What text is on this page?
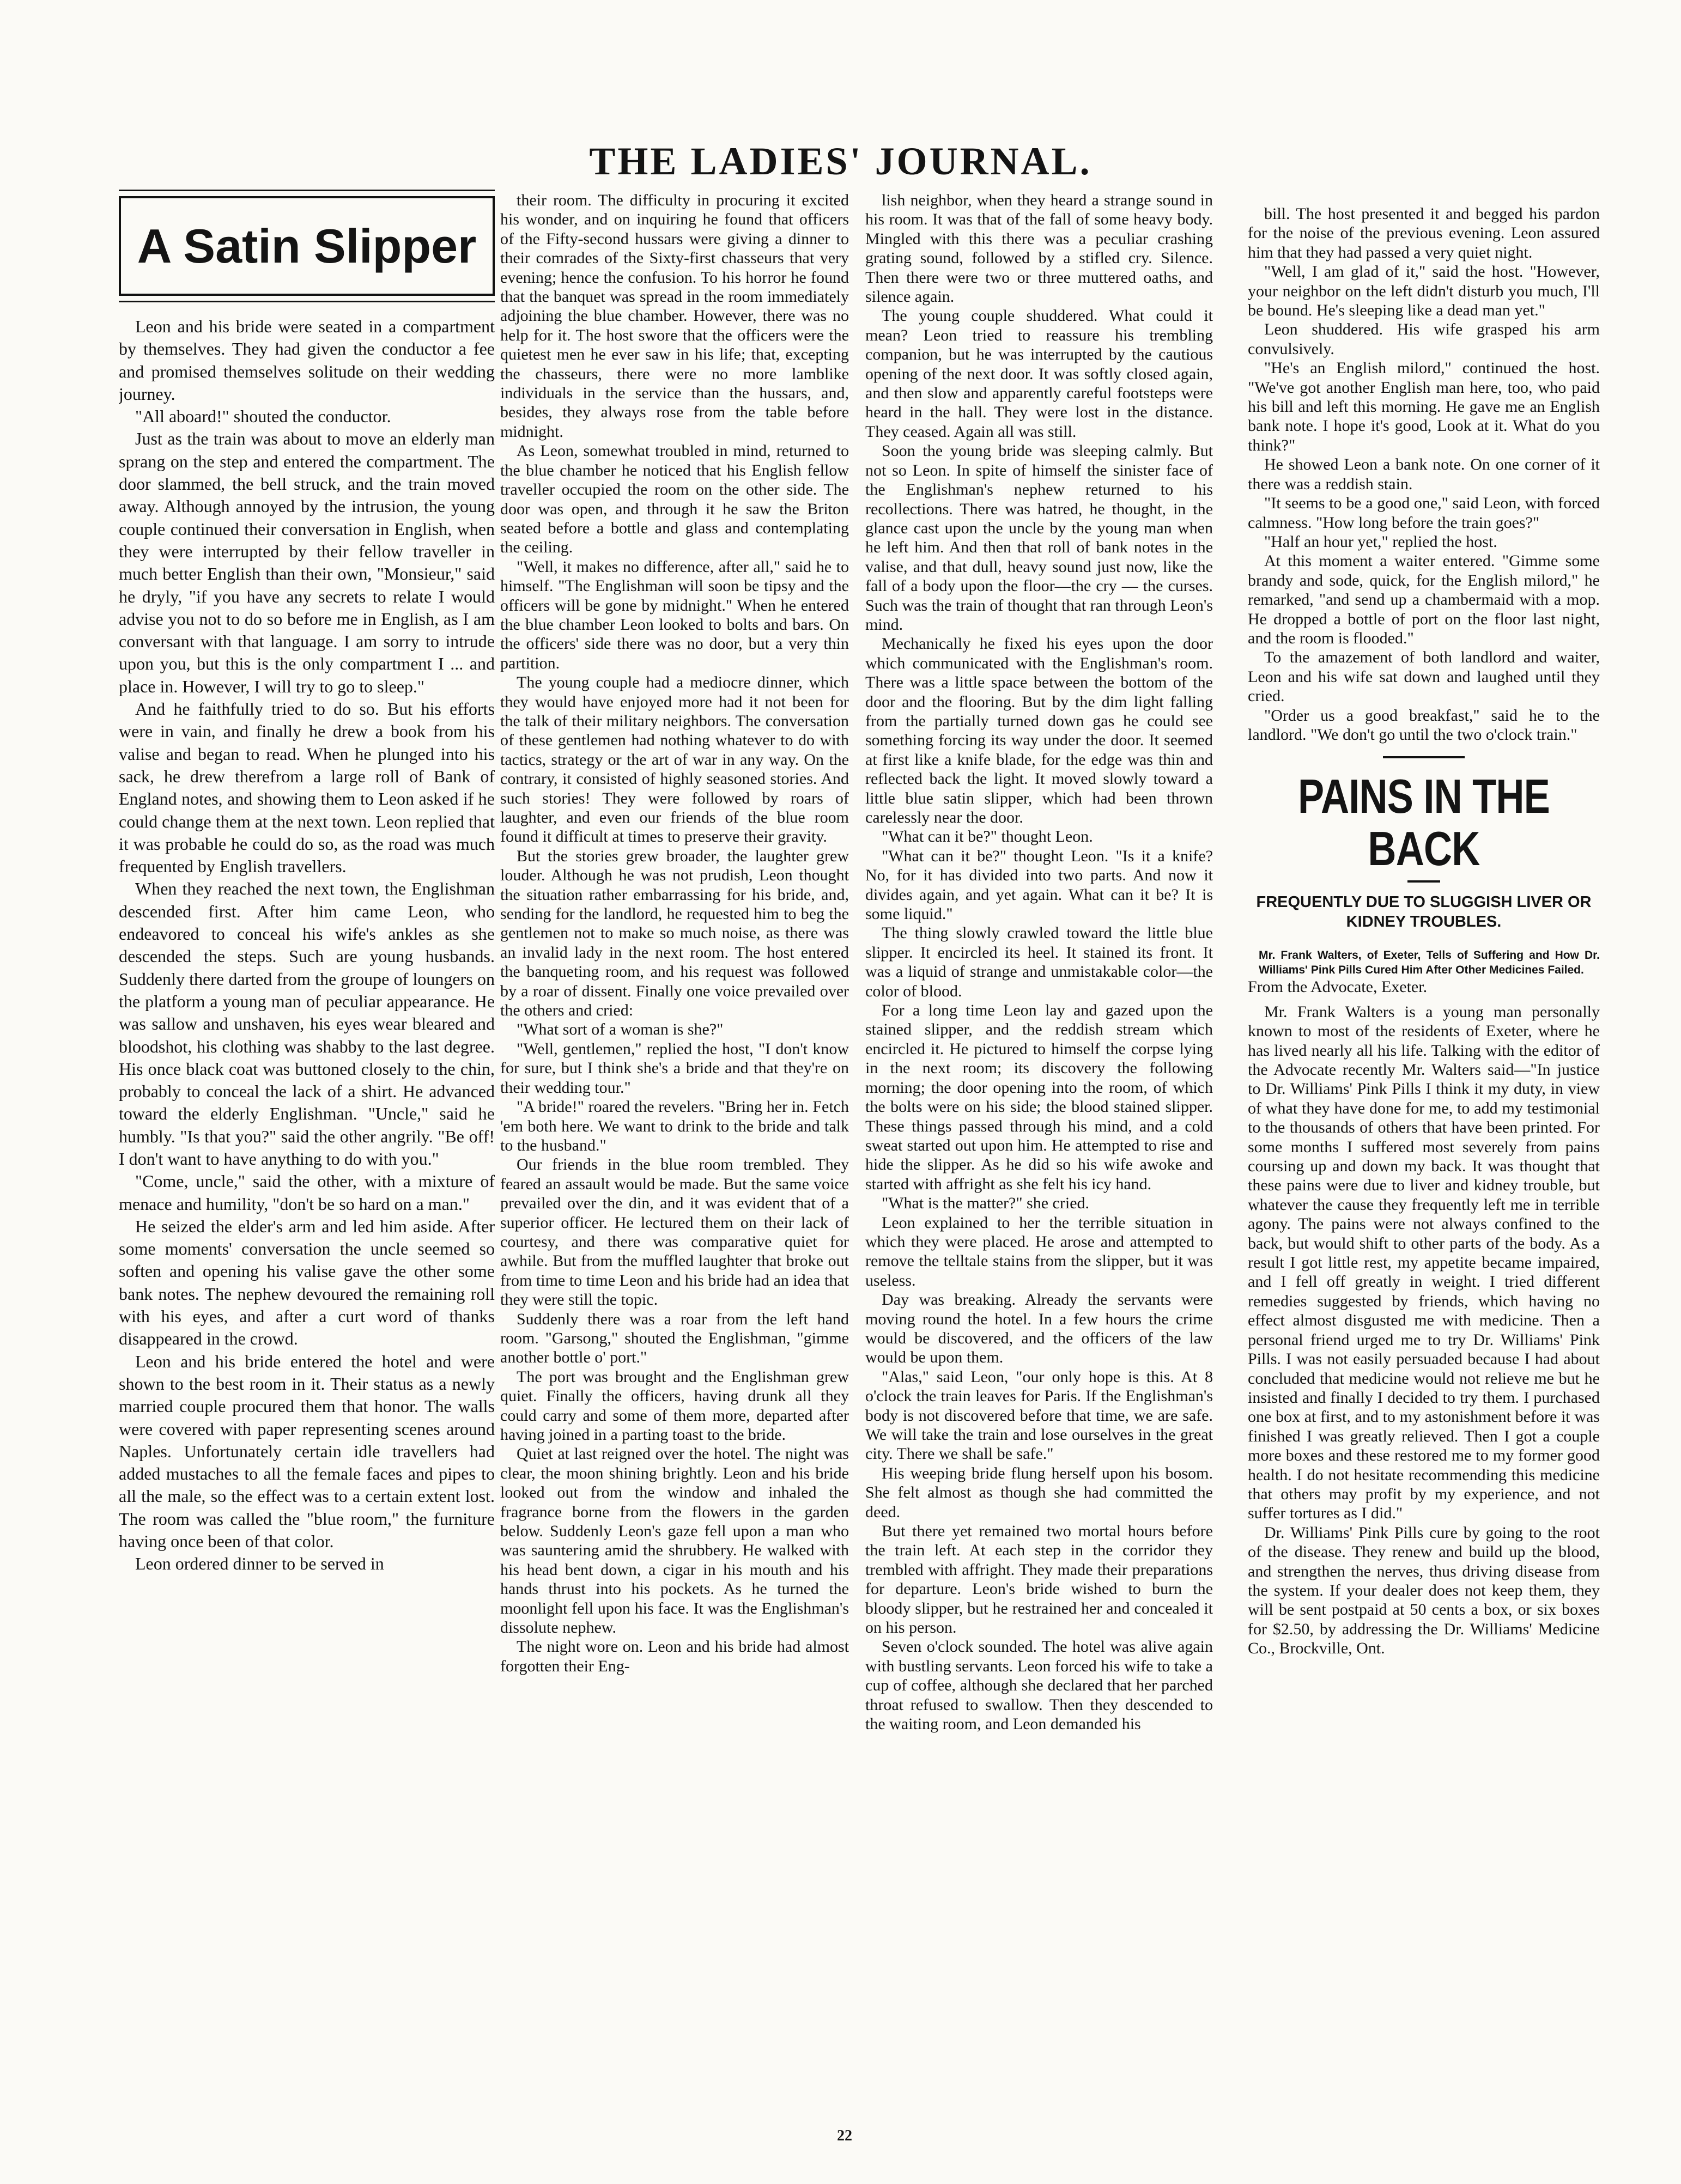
THE LADIES' JOURNAL.
A Satin Slipper

Leon and his bride were seated in a compartment by themselves. They had given the conductor a fee and promised themselves solitude on their wedding journey.

"All aboard!" shouted the conductor.

Just as the train was about to move an elderly man sprang on the step and entered the compartment. The door slammed, the bell struck, and the train moved away. Although annoyed by the intrusion, the young couple continued their conversation in English, when they were interrupted by their fellow traveller in much better English than their own, "Monsieur," said he dryly, "if you have any secrets to relate I would advise you not to do so before me in English, as I am conversant with that language. I am sorry to intrude upon you, but this is the only compartment I ... and place in. However, I will try to go to sleep."

And he faithfully tried to do so. But his efforts were in vain, and finally he drew a book from his valise and began to read. When he plunged into his sack, he drew therefrom a large roll of Bank of England notes, and showing them to Leon asked if he could change them at the next town. Leon replied that it was probable he could do so, as the road was much frequented by English travellers.

When they reached the next town, the Englishman descended first. After him came Leon, who endeavored to conceal his wife's ankles as she descended the steps. Such are young husbands. Suddenly there darted from the groupe of loungers on the platform a young man of peculiar appearance. He was sallow and unshaven, his eyes wear bleared and bloodshot, his clothing was shabby to the last degree. His once black coat was buttoned closely to the chin, probably to conceal the lack of a shirt. He advanced toward the elderly Englishman. "Uncle," said he humbly. "Is that you?" said the other angrily. "Be off! I don't want to have anything to do with you."

"Come, uncle," said the other, with a mixture of menace and humility, "don't be so hard on a man."

He seized the elder's arm and led him aside. After some moments' conversation the uncle seemed so soften and opening his valise gave the other some bank notes. The nephew devoured the remaining roll with his eyes, and after a curt word of thanks disappeared in the crowd.

Leon and his bride entered the hotel and were shown to the best room in it. Their status as a newly married couple procured them that honor. The walls were covered with paper representing scenes around Naples. Unfortunately certain idle travellers had added mustaches to all the female faces and pipes to all the male, so the effect was to a certain extent lost. The room was called the "blue room," the furniture having once been of that color.

Leon ordered dinner to be served in

their room. The difficulty in procuring it excited his wonder, and on inquiring he found that officers of the Fifty-second hussars were giving a dinner to their comrades of the Sixty-first chasseurs that very evening; hence the confusion. To his horror he found that the banquet was spread in the room immediately adjoining the blue chamber. However, there was no help for it. The host swore that the officers were the quietest men he ever saw in his life; that, excepting the chasseurs, there were no more lamblike individuals in the service than the hussars, and, besides, they always rose from the table before midnight.

As Leon, somewhat troubled in mind, returned to the blue chamber he noticed that his English fellow traveller occupied the room on the other side. The door was open, and through it he saw the Briton seated before a bottle and glass and contemplating the ceiling.

"Well, it makes no difference, after all," said he to himself. "The Englishman will soon be tipsy and the officers will be gone by midnight." When he entered the blue chamber Leon looked to bolts and bars. On the officers' side there was no door, but a very thin partition.

The young couple had a mediocre dinner, which they would have enjoyed more had it not been for the talk of their military neighbors. The conversation of these gentlemen had nothing whatever to do with tactics, strategy or the art of war in any way. On the contrary, it consisted of highly seasoned stories. And such stories! They were followed by roars of laughter, and even our friends of the blue room found it difficult at times to preserve their gravity.

But the stories grew broader, the laughter grew louder. Although he was not prudish, Leon thought the situation rather embarrassing for his bride, and, sending for the landlord, he requested him to beg the gentlemen not to make so much noise, as there was an invalid lady in the next room. The host entered the banqueting room, and his request was followed by a roar of dissent. Finally one voice prevailed over the others and cried:

"What sort of a woman is she?"

"Well, gentlemen," replied the host, "I don't know for sure, but I think she's a bride and that they're on their wedding tour."

"A bride!" roared the revelers. "Bring her in. Fetch 'em both here. We want to drink to the bride and talk to the husband."

Our friends in the blue room trembled. They feared an assault would be made. But the same voice prevailed over the din, and it was evident that of a superior officer. He lectured them on their lack of courtesy, and there was comparative quiet for awhile. But from the muffled laughter that broke out from time to time Leon and his bride had an idea that they were still the topic.

Suddenly there was a roar from the left hand room. "Garsong," shouted the Englishman, "gimme another bottle o' port."

The port was brought and the Englishman grew quiet. Finally the officers, having drunk all they could carry and some of them more, departed after having joined in a parting toast to the bride.

Quiet at last reigned over the hotel. The night was clear, the moon shining brightly. Leon and his bride looked out from the window and inhaled the fragrance borne from the flowers in the garden below. Suddenly Leon's gaze fell upon a man who was sauntering amid the shrubbery. He walked with his head bent down, a cigar in his mouth and his hands thrust into his pockets. As he turned the moonlight fell upon his face. It was the Englishman's dissolute nephew.

The night wore on. Leon and his bride had almost forgotten their Eng-

lish neighbor, when they heard a strange sound in his room. It was that of the fall of some heavy body. Mingled with this there was a peculiar crashing grating sound, followed by a stifled cry. Silence. Then there were two or three muttered oaths, and silence again.

The young couple shuddered. What could it mean? Leon tried to reassure his trembling companion, but he was interrupted by the cautious opening of the next door. It was softly closed again, and then slow and apparently careful footsteps were heard in the hall. They were lost in the distance. They ceased. Again all was still.

Soon the young bride was sleeping calmly. But not so Leon. In spite of himself the sinister face of the Englishman's nephew returned to his recollections. There was hatred, he thought, in the glance cast upon the uncle by the young man when he left him. And then that roll of bank notes in the valise, and that dull, heavy sound just now, like the fall of a body upon the floor—the cry — the curses. Such was the train of thought that ran through Leon's mind.

Mechanically he fixed his eyes upon the door which communicated with the Englishman's room. There was a little space between the bottom of the door and the flooring. But by the dim light falling from the partially turned down gas he could see something forcing its way under the door. It seemed at first like a knife blade, for the edge was thin and reflected back the light. It moved slowly toward a little blue satin slipper, which had been thrown carelessly near the door.

"What can it be?" thought Leon.

"What can it be?" thought Leon. "Is it a knife? No, for it has divided into two parts. And now it divides again, and yet again. What can it be? It is some liquid."

The thing slowly crawled toward the little blue slipper. It encircled its heel. It stained its front. It was a liquid of strange and unmistakable color—the color of blood.

For a long time Leon lay and gazed upon the stained slipper, and the reddish stream which encircled it. He pictured to himself the corpse lying in the next room; its discovery the following morning; the door opening into the room, of which the bolts were on his side; the blood stained slipper. These things passed through his mind, and a cold sweat started out upon him. He attempted to rise and hide the slipper. As he did so his wife awoke and started with affright as she felt his icy hand.

"What is the matter?" she cried.

Leon explained to her the terrible situation in which they were placed. He arose and attempted to remove the telltale stains from the slipper, but it was useless.

Day was breaking. Already the servants were moving round the hotel. In a few hours the crime would be discovered, and the officers of the law would be upon them.

"Alas," said Leon, "our only hope is this. At 8 o'clock the train leaves for Paris. If the Englishman's body is not discovered before that time, we are safe. We will take the train and lose ourselves in the great city. There we shall be safe."

His weeping bride flung herself upon his bosom. She felt almost as though she had committed the deed.

But there yet remained two mortal hours before the train left. At each step in the corridor they trembled with affright. They made their preparations for departure. Leon's bride wished to burn the bloody slipper, but he restrained her and concealed it on his person.

Seven o'clock sounded. The hotel was alive again with bustling servants. Leon forced his wife to take a cup of coffee, although she declared that her parched throat refused to swallow. Then they descended to the waiting room, and Leon demanded his

bill. The host presented it and begged his pardon for the noise of the previous evening. Leon assured him that they had passed a very quiet night.

"Well, I am glad of it," said the host. "However, your neighbor on the left didn't disturb you much, I'll be bound. He's sleeping like a dead man yet."

Leon shuddered. His wife grasped his arm convulsively.

"He's an English milord," continued the host. "We've got another English man here, too, who paid his bill and left this morning. He gave me an English bank note. I hope it's good, Look at it. What do you think?"

He showed Leon a bank note. On one corner of it there was a reddish stain.

"It seems to be a good one," said Leon, with forced calmness. "How long before the train goes?"

"Half an hour yet," replied the host.

At this moment a waiter entered. "Gimme some brandy and sode, quick, for the English milord," he remarked, "and send up a chambermaid with a mop. He dropped a bottle of port on the floor last night, and the room is flooded."

To the amazement of both landlord and waiter, Leon and his wife sat down and laughed until they cried.

"Order us a good breakfast," said he to the landlord. "We don't go until the two o'clock train."

PAINS IN THE BACK
FREQUENTLY DUE TO SLUGGISH LIVER OR KIDNEY TROUBLES.

Mr. Frank Walters, of Exeter, Tells of Suffering and How Dr. Williams' Pink Pills Cured Him After Other Medicines Failed.

From the Advocate, Exeter.

Mr. Frank Walters is a young man personally known to most of the residents of Exeter, where he has lived nearly all his life. Talking with the editor of the Advocate recently Mr. Walters said—"In justice to Dr. Williams' Pink Pills I think it my duty, in view of what they have done for me, to add my testimonial to the thousands of others that have been printed. For some months I suffered most severely from pains coursing up and down my back. It was thought that these pains were due to liver and kidney trouble, but whatever the cause they frequently left me in terrible agony. The pains were not always confined to the back, but would shift to other parts of the body. As a result I got little rest, my appetite became impaired, and I fell off greatly in weight. I tried different remedies suggested by friends, which having no effect almost disgusted me with medicine. Then a personal friend urged me to try Dr. Williams' Pink Pills. I was not easily persuaded because I had about concluded that medicine would not relieve me but he insisted and finally I decided to try them. I purchased one box at first, and to my astonishment before it was finished I was greatly relieved. Then I got a couple more boxes and these restored me to my former good health. I do not hesitate recommending this medicine that others may profit by my experience, and not suffer tortures as I did."

Dr. Williams' Pink Pills cure by going to the root of the disease. They renew and build up the blood, and strengthen the nerves, thus driving disease from the system. If your dealer does not keep them, they will be sent postpaid at 50 cents a box, or six boxes for $2.50, by addressing the Dr. Williams' Medicine Co., Brockville, Ont.

22
